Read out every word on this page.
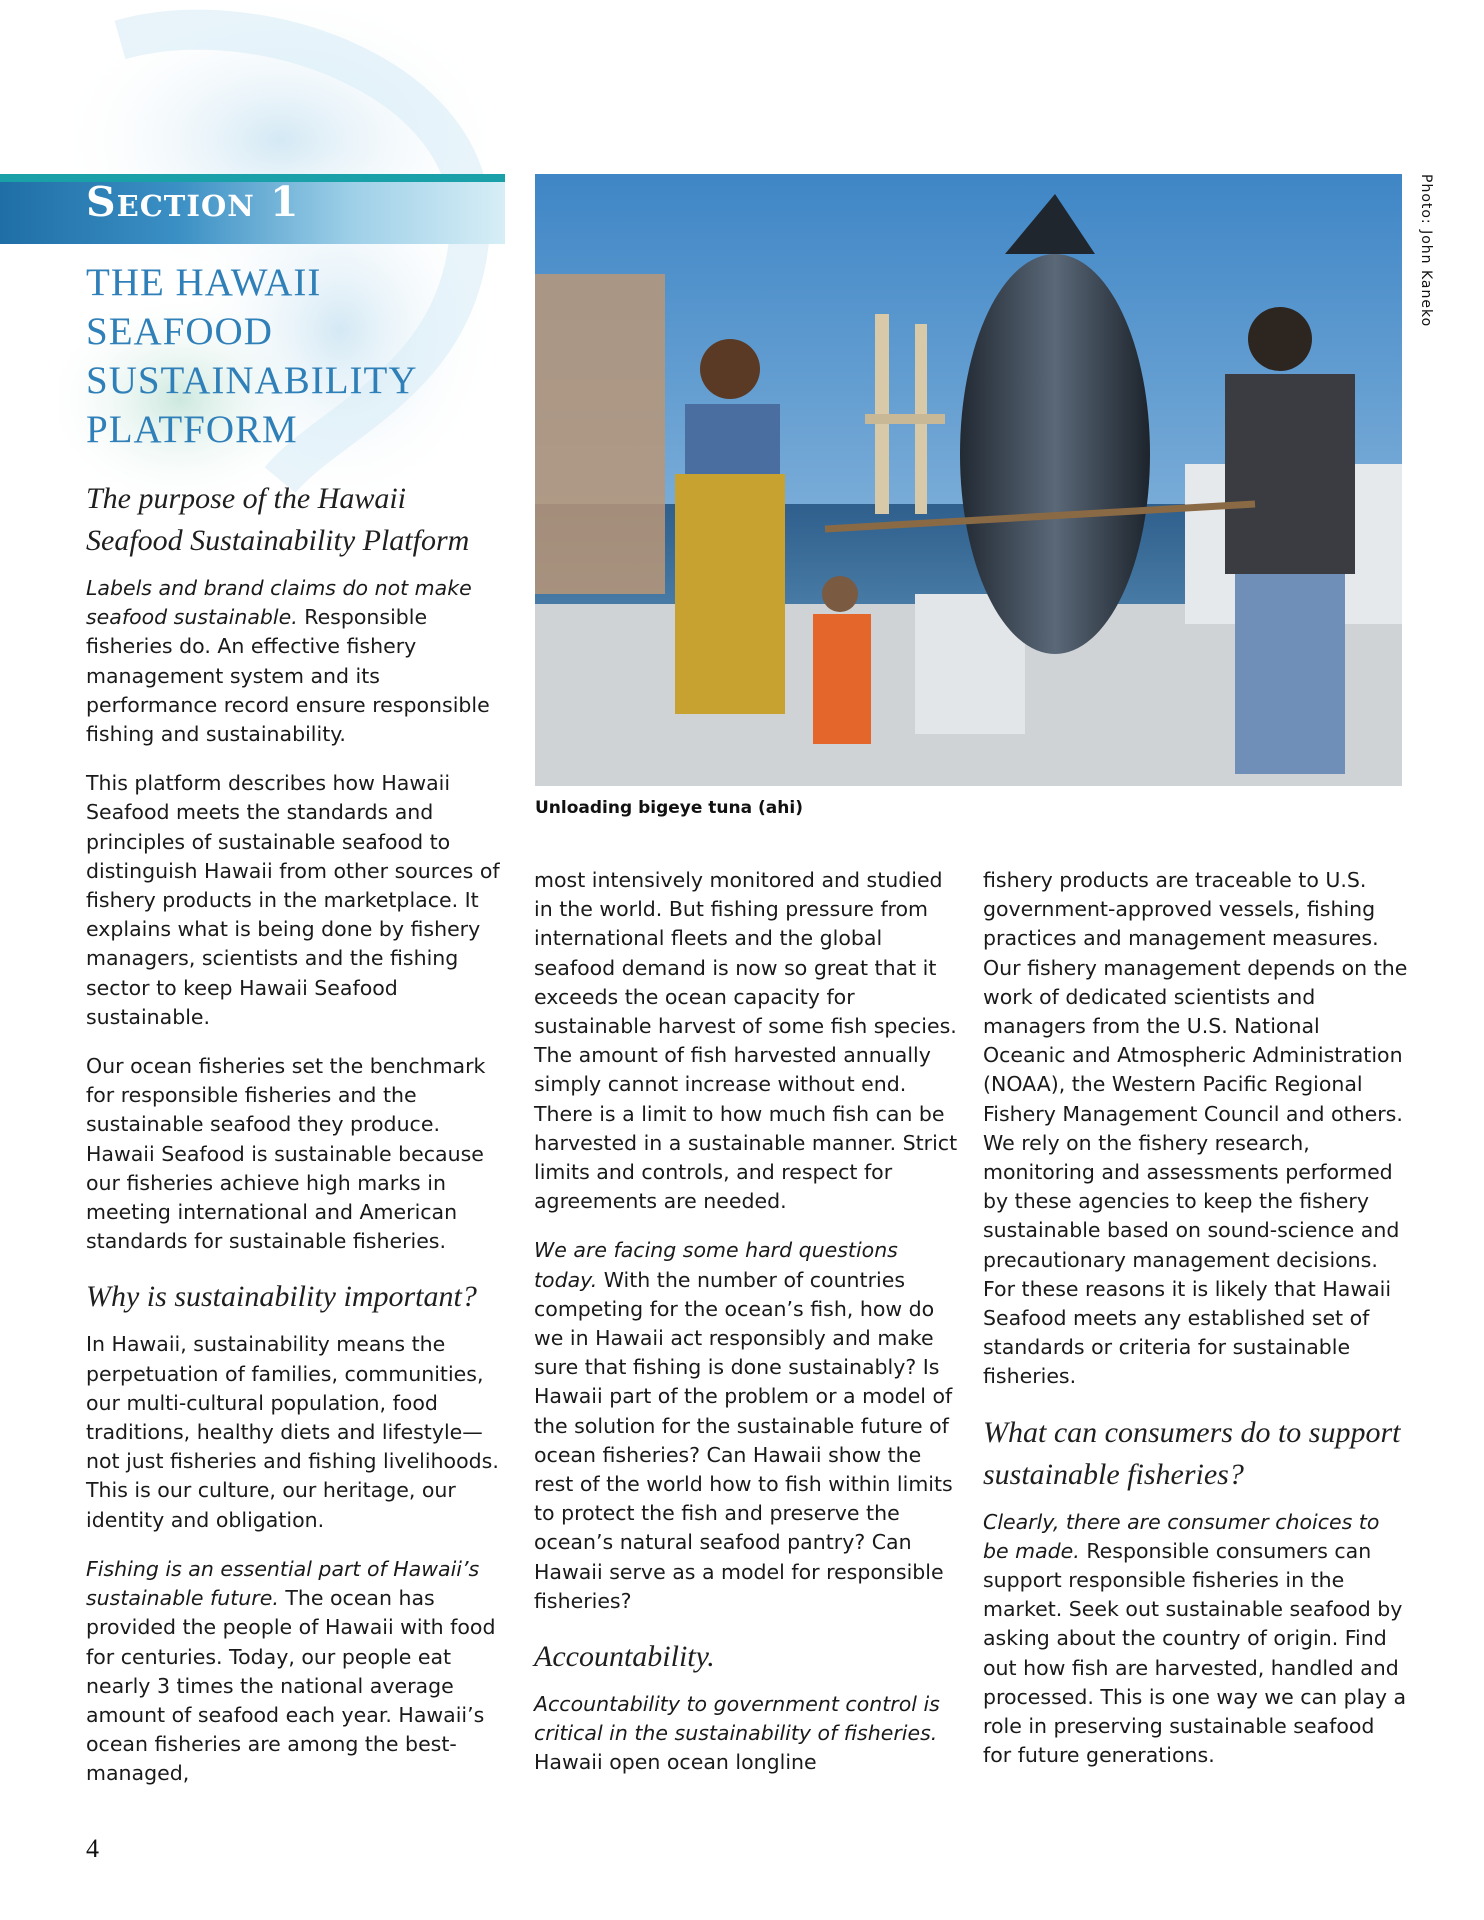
Section 1
THE HAWAII SEAFOOD SUSTAINABILITY PLATFORM
Unloading bigeye tuna (ahi)
Photo: John Kaneko
The purpose of the Hawaii Seafood Sustainability Platform

Labels and brand claims do not make seafood sustainable. Responsible fisheries do. An effective fishery management system and its performance record ensure responsible fishing and sustainability.

This platform describes how Hawaii Seafood meets the standards and principles of sustainable seafood to distinguish Hawaii from other sources of fishery products in the marketplace. It explains what is being done by fishery managers, scientists and the fishing sector to keep Hawaii Seafood sustainable.

Our ocean fisheries set the benchmark for responsible fisheries and the sustainable seafood they produce. Hawaii Seafood is sustainable because our fisheries achieve high marks in meeting international and American standards for sustainable fisheries.

Why is sustainability important?

In Hawaii, sustainability means the perpetuation of families, communities, our multi-cultural population, food traditions, healthy diets and lifestyle—not just fisheries and fishing livelihoods. This is our culture, our heritage, our identity and obligation.

Fishing is an essential part of Hawaii’s sustainable future. The ocean has provided the people of Hawaii with food for centuries. Today, our people eat nearly 3 times the national average amount of seafood each year. Hawaii’s ocean fisheries are among the best-managed,

most intensively monitored and studied in the world. But fishing pressure from international fleets and the global seafood demand is now so great that it exceeds the ocean capacity for sustainable harvest of some fish species. The amount of fish harvested annually simply cannot increase without end. There is a limit to how much fish can be harvested in a sustainable manner. Strict limits and controls, and respect for agreements are needed.

We are facing some hard questions today. With the number of countries competing for the ocean’s fish, how do we in Hawaii act responsibly and make sure that fishing is done sustainably? Is Hawaii part of the problem or a model of the solution for the sustainable future of ocean fisheries? Can Hawaii show the rest of the world how to fish within limits to protect the fish and preserve the ocean’s natural seafood pantry? Can Hawaii serve as a model for responsible fisheries?

Accountability.

Accountability to government control is critical in the sustainability of fisheries. Hawaii open ocean longline

fishery products are traceable to U.S. government-approved vessels, fishing practices and management measures. Our fishery management depends on the work of dedicated scientists and managers from the U.S. National Oceanic and Atmospheric Administration (NOAA), the Western Pacific Regional Fishery Management Council and others. We rely on the fishery research, monitoring and assessments performed by these agencies to keep the fishery sustainable based on sound-science and precautionary management decisions. For these reasons it is likely that Hawaii Seafood meets any established set of standards or criteria for sustainable fisheries.

What can consumers do to support sustainable fisheries?

Clearly, there are consumer choices to be made. Responsible consumers can support responsible fisheries in the market. Seek out sustainable seafood by asking about the country of origin. Find out how fish are harvested, handled and processed. This is one way we can play a role in preserving sustainable seafood for future generations.

4
